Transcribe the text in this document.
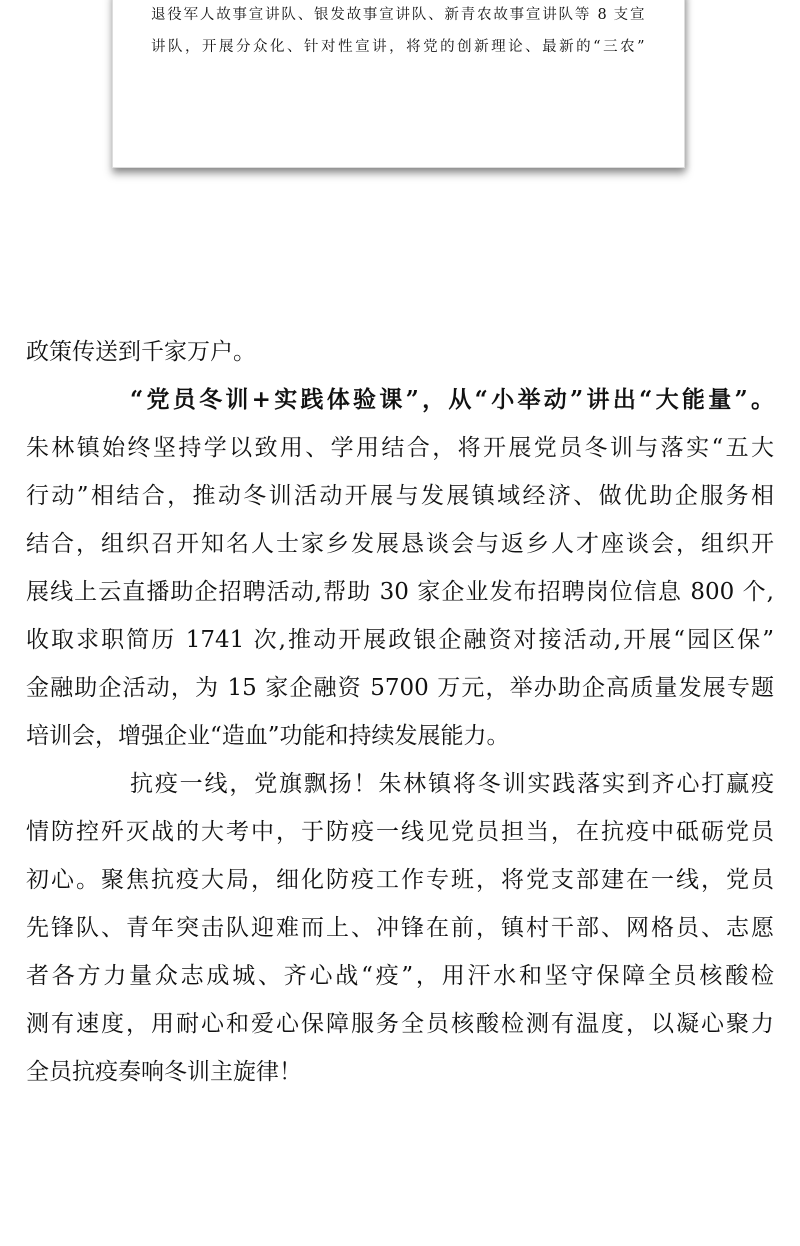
退役军人故事宣讲队、银发故事宣讲队、新青农故事宣讲队等 8 支宣
讲队，开展分众化、针对性宣讲，将党的创新理论、最新的“三农”
政策传送到千家万户。
“党员冬训+实践体验课”，从“小举动”讲出“大能量”。
朱林镇始终坚持学以致用、学用结合，将开展党员冬训与落实“五大
行动”相结合，推动冬训活动开展与发展镇域经济、做优助企服务相
结合，组织召开知名人士家乡发展恳谈会与返乡人才座谈会，组织开
展线上云直播助企招聘活动,帮助 30 家企业发布招聘岗位信息 800 个,
收取求职简历 1741 次,推动开展政银企融资对接活动,开展“园区保”
金融助企活动，为 15 家企融资 5700 万元，举办助企高质量发展专题
培训会，增强企业“造血”功能和持续发展能力。
抗疫一线，党旗飘扬！朱林镇将冬训实践落实到齐心打赢疫
情防控歼灭战的大考中，于防疫一线见党员担当，在抗疫中砥砺党员
初心。聚焦抗疫大局，细化防疫工作专班，将党支部建在一线，党员
先锋队、青年突击队迎难而上、冲锋在前，镇村干部、网格员、志愿
者各方力量众志成城、齐心战“疫”，用汗水和坚守保障全员核酸检
测有速度，用耐心和爱心保障服务全员核酸检测有温度，以凝心聚力
全员抗疫奏响冬训主旋律！
